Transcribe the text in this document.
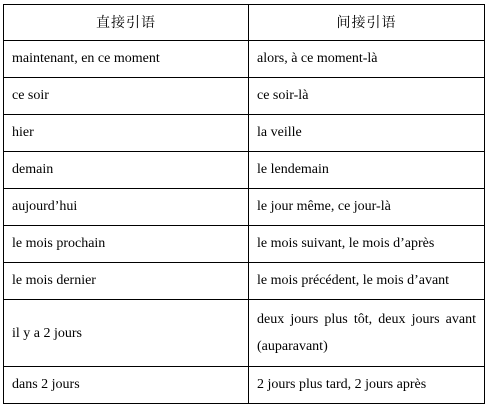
直接引语	间接引语
maintenant, en ce moment	alors, à ce moment-là
ce soir	ce soir-là
hier	la veille
demain	le lendemain
aujourd’hui	le jour même, ce jour-là
le mois prochain	le mois suivant, le mois d’après
le mois dernier	le mois précédent, le mois d’avant
il y a 2 jours	deux jours plus tôt, deux jours avant (auparavant)
dans 2 jours	2 jours plus tard, 2 jours après
